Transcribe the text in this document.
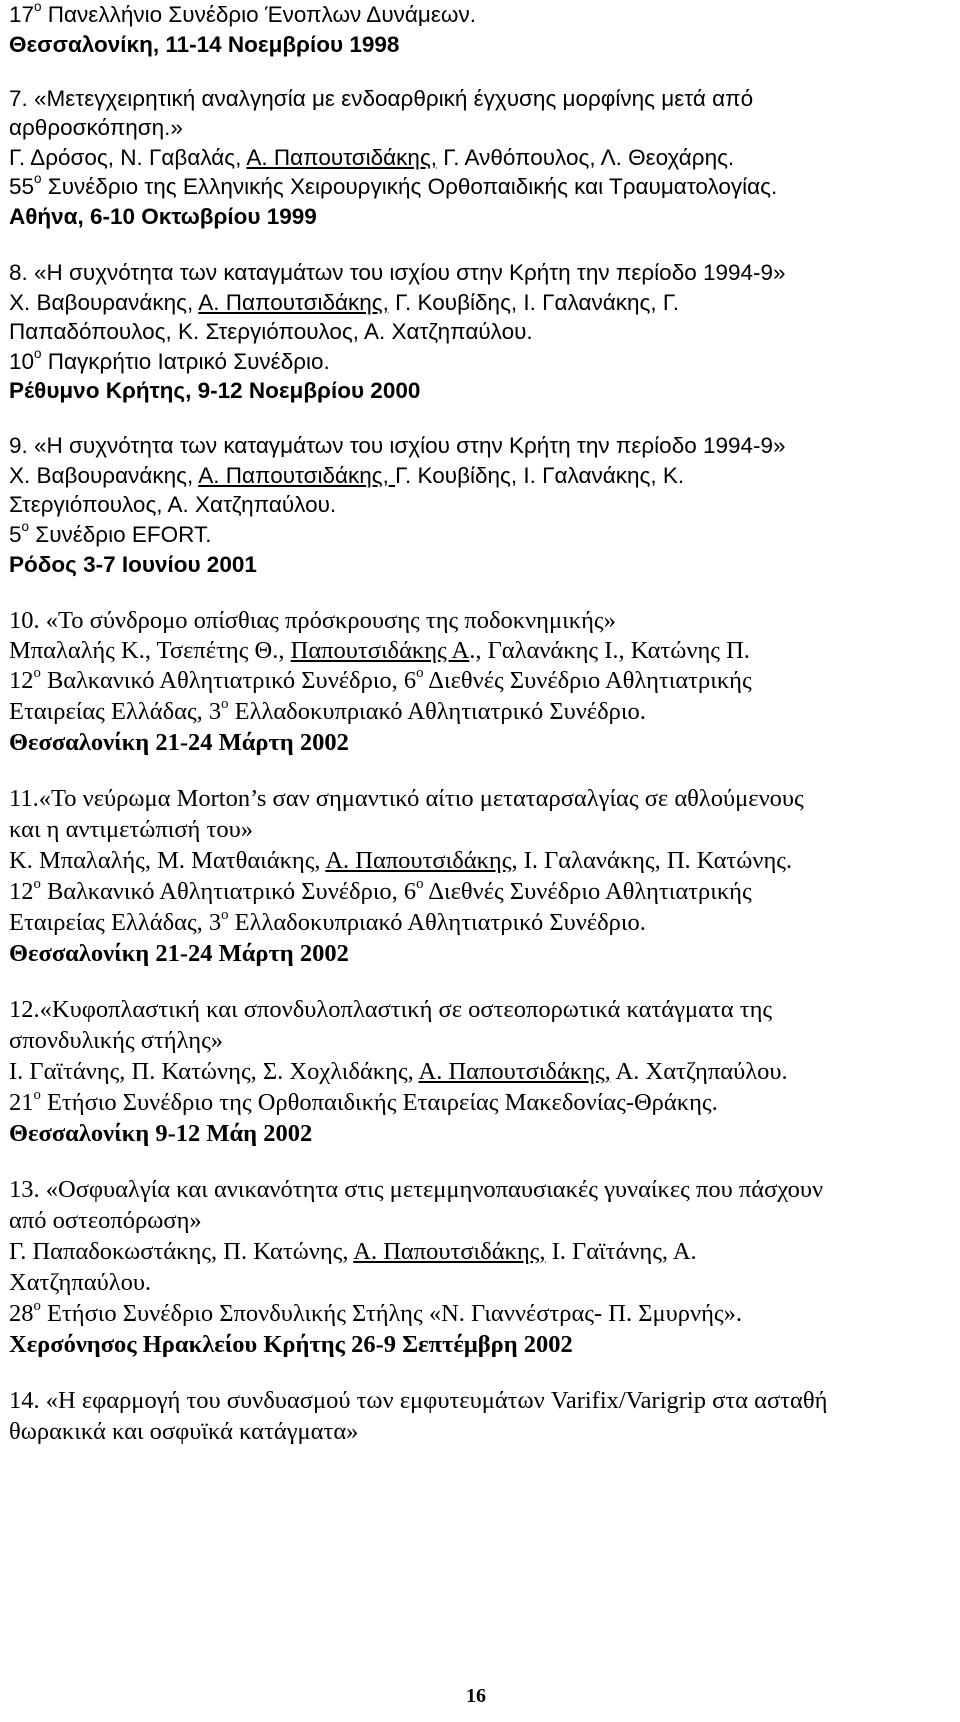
$17^o$ Πανελλήνιο Συνέδριο Ένοπλων Δυνάμεων.
Θεσσαλονίκη, 11-14 Νοεμβρίου 1998
7. «Μετεγχειρητική αναλγησία με ενδοαρθρική έγχυσης μορφίνης μετά από
αρθροσκόπηση.»
Γ. Δρόσος, Ν. Γαβαλάς, Α. Παπουτσιδάκης, Γ. Ανθόπουλος, Λ. Θεοχάρης.
$55^o$ Συνέδριο της Ελληνικής Χειρουργικής Ορθοπαιδικής και Τραυματολογίας.
Αθήνα, 6-10 Οκτωβρίου 1999
8. «Η συχνότητα των καταγμάτων του ισχίου στην Κρήτη την περίοδο 1994-9»
Χ. Βαβουρανάκης, Α. Παπουτσιδάκης, Γ. Κουβίδης, Ι. Γαλανάκης, Γ.
Παπαδόπουλος, Κ. Στεργιόπουλος, Α. Χατζηπαύλου.
$10^o$ Παγκρήτιο Ιατρικό Συνέδριο.
Ρέθυμνο Κρήτης, 9-12 Νοεμβρίου 2000
9. «Η συχνότητα των καταγμάτων του ισχίου στην Κρήτη την περίοδο 1994-9»
Χ. Βαβουρανάκης, Α. Παπουτσιδάκης, Γ. Κουβίδης, Ι. Γαλανάκης, Κ.
Στεργιόπουλος, Α. Χατζηπαύλου.
$5^o$ Συνέδριο EFORT.
Ρόδος 3-7 Ιουνίου 2001
10. «Το σύνδρομο οπίσθιας πρόσκρουσης της ποδοκνημικής»
Μπαλαλής Κ., Τσεπέτης Θ., Παπουτσιδάκης Α., Γαλανάκης Ι., Κατώνης Π.
$12^o$ Βαλκανικό Αθλητιατρικό Συνέδριο, $6^o$ Διεθνές Συνέδριο Αθλητιατρικής
Εταιρείας Ελλάδας, $3^o$ Ελλαδοκυπριακό Αθλητιατρικό Συνέδριο.
Θεσσαλονίκη 21-24 Μάρτη 2002
11.«Το νεύρωμα Morton’s σαν σημαντικό αίτιο μεταταρσαλγίας σε αθλούμενους
και η αντιμετώπισή του»
Κ. Μπαλαλής, Μ. Ματθαιάκης, Α. Παπουτσιδάκης, Ι. Γαλανάκης, Π. Κατώνης.
$12^o$ Βαλκανικό Αθλητιατρικό Συνέδριο, $6^o$ Διεθνές Συνέδριο Αθλητιατρικής
Εταιρείας Ελλάδας, $3^o$ Ελλαδοκυπριακό Αθλητιατρικό Συνέδριο.
Θεσσαλονίκη 21-24 Μάρτη 2002
12.«Κυφοπλαστική και σπονδυλοπλαστική σε οστεοπορωτικά κατάγματα της
σπονδυλικής στήλης»
Ι. Γαϊτάνης, Π. Κατώνης, Σ. Χοχλιδάκης, Α. Παπουτσιδάκης, Α. Χατζηπαύλου.
$21^o$ Ετήσιο Συνέδριο της Ορθοπαιδικής Εταιρείας Μακεδονίας-Θράκης.
Θεσσαλονίκη 9-12 Μάη 2002
13. «Οσφυαλγία και ανικανότητα στις μετεμμηνοπαυσιακές γυναίκες που πάσχουν
από οστεοπόρωση»
Γ. Παπαδοκωστάκης, Π. Κατώνης, Α. Παπουτσιδάκης, Ι. Γαϊτάνης, Α.
Χατζηπαύλου.
$28^o$ Ετήσιο Συνέδριο Σπονδυλικής Στήλης «Ν. Γιαννέστρας- Π. Σμυρνής».
Χερσόνησος Ηρακλείου Κρήτης 26-9 Σεπτέμβρη 2002
14. «Η εφαρμογή του συνδυασμού των εμφυτευμάτων Varifix/Varigrip στα ασταθή
θωρακικά και οσφυϊκά κατάγματα»
16
